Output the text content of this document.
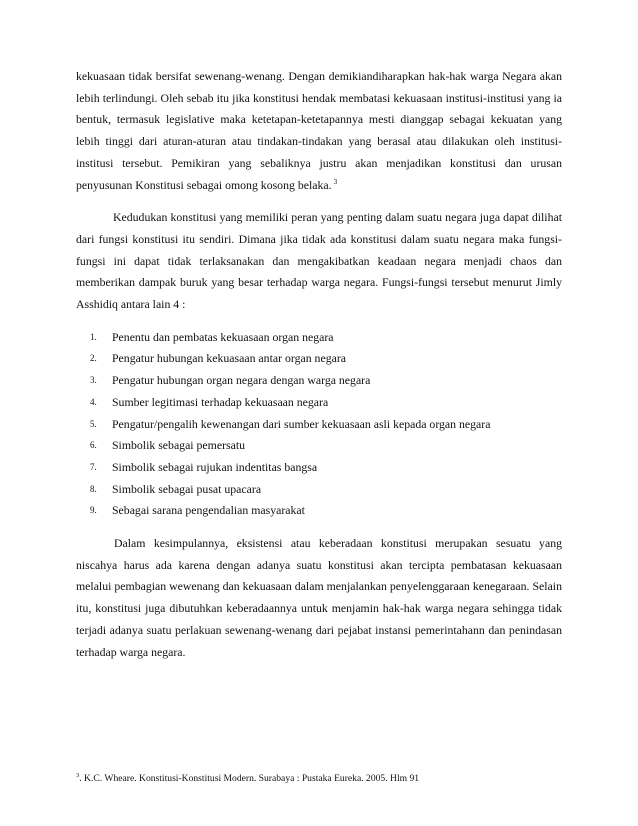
kekuasaan tidak bersifat sewenang-wenang. Dengan demikiandiharapkan hak-hak warga Negara akan lebih terlindungi. Oleh sebab itu jika konstitusi hendak membatasi kekuasaan institusi-institusi yang ia bentuk, termasuk legislative maka ketetapan-ketetapannya mesti dianggap sebagai kekuatan yang lebih tinggi dari aturan-aturan atau tindakan-tindakan yang berasal atau dilakukan oleh institusi-institusi tersebut. Pemikiran yang sebaliknya justru akan menjadikan konstitusi dan urusan penyusunan Konstitusi sebagai omong kosong belaka. $^3$

Kedudukan konstitusi yang memiliki peran yang penting dalam suatu negara juga dapat dilihat dari fungsi konstitusi itu sendiri. Dimana jika tidak ada konstitusi dalam suatu negara maka fungsi-fungsi ini dapat tidak terlaksanakan dan mengakibatkan keadaan negara menjadi chaos dan memberikan dampak buruk yang besar terhadap warga negara. Fungsi-fungsi tersebut menurut Jimly Asshidiq antara lain 4 :

1. Penentu dan pembatas kekuasaan organ negara
2. Pengatur hubungan kekuasaan antar organ negara
3. Pengatur hubungan organ negara dengan warga negara
4. Sumber legitimasi terhadap kekuasaan negara
5. Pengatur/pengalih kewenangan dari sumber kekuasaan asli kepada organ negara
6. Simbolik sebagai pemersatu
7. Simbolik sebagai rujukan indentitas bangsa
8. Simbolik sebagai pusat upacara
9. Sebagai sarana pengendalian masyarakat

Dalam kesimpulannya, eksistensi atau keberadaan konstitusi merupakan sesuatu yang niscahya harus ada karena dengan adanya suatu konstitusi akan tercipta pembatasan kekuasaan melalui pembagian wewenang dan kekuasaan dalam menjalankan penyelenggaraan kenegaraan. Selain itu, konstitusi juga dibutuhkan keberadaannya untuk menjamin hak-hak warga negara sehingga tidak terjadi adanya suatu perlakuan sewenang-wenang dari pejabat instansi pemerintahann dan penindasan terhadap warga negara.

$^3$. K.C. Wheare. Konstitusi-Konstitusi Modern. Surabaya : Pustaka Eureka. 2005. Hlm 91
